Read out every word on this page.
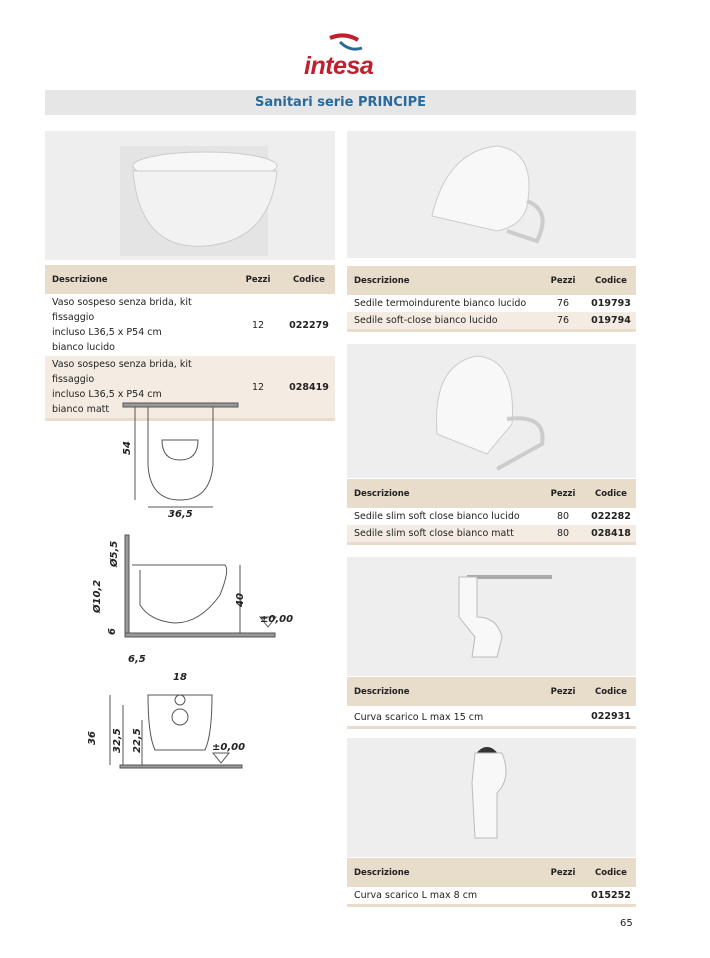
intesa
Sanitari serie PRINCIPE
Descrizione	Pezzi	Codice
Vaso sospeso senza brida, kit fissaggio
incluso L36,5 x P54 cm
bianco lucido	12	022279
Vaso sospeso senza brida, kit fissaggio
incluso L36,5 x P54 cm
bianco matt	12	028419
54
36,5
Ø5,5
Ø10,2
6
40
±0,00
6,5
18
36 32,5 22,5	±0,00
Descrizione	Pezzi	Codice
Sedile termoindurente bianco lucido	76	019793
Sedile soft-close bianco lucido	76	019794
Descrizione	Pezzi	Codice
Sedile slim soft close bianco lucido	80	022282
Sedile slim soft close bianco matt	80	028418
Descrizione	Pezzi	Codice
Curva scarico L max 15 cm		022931
Descrizione	Pezzi	Codice
Curva scarico L max 8 cm		015252
65
